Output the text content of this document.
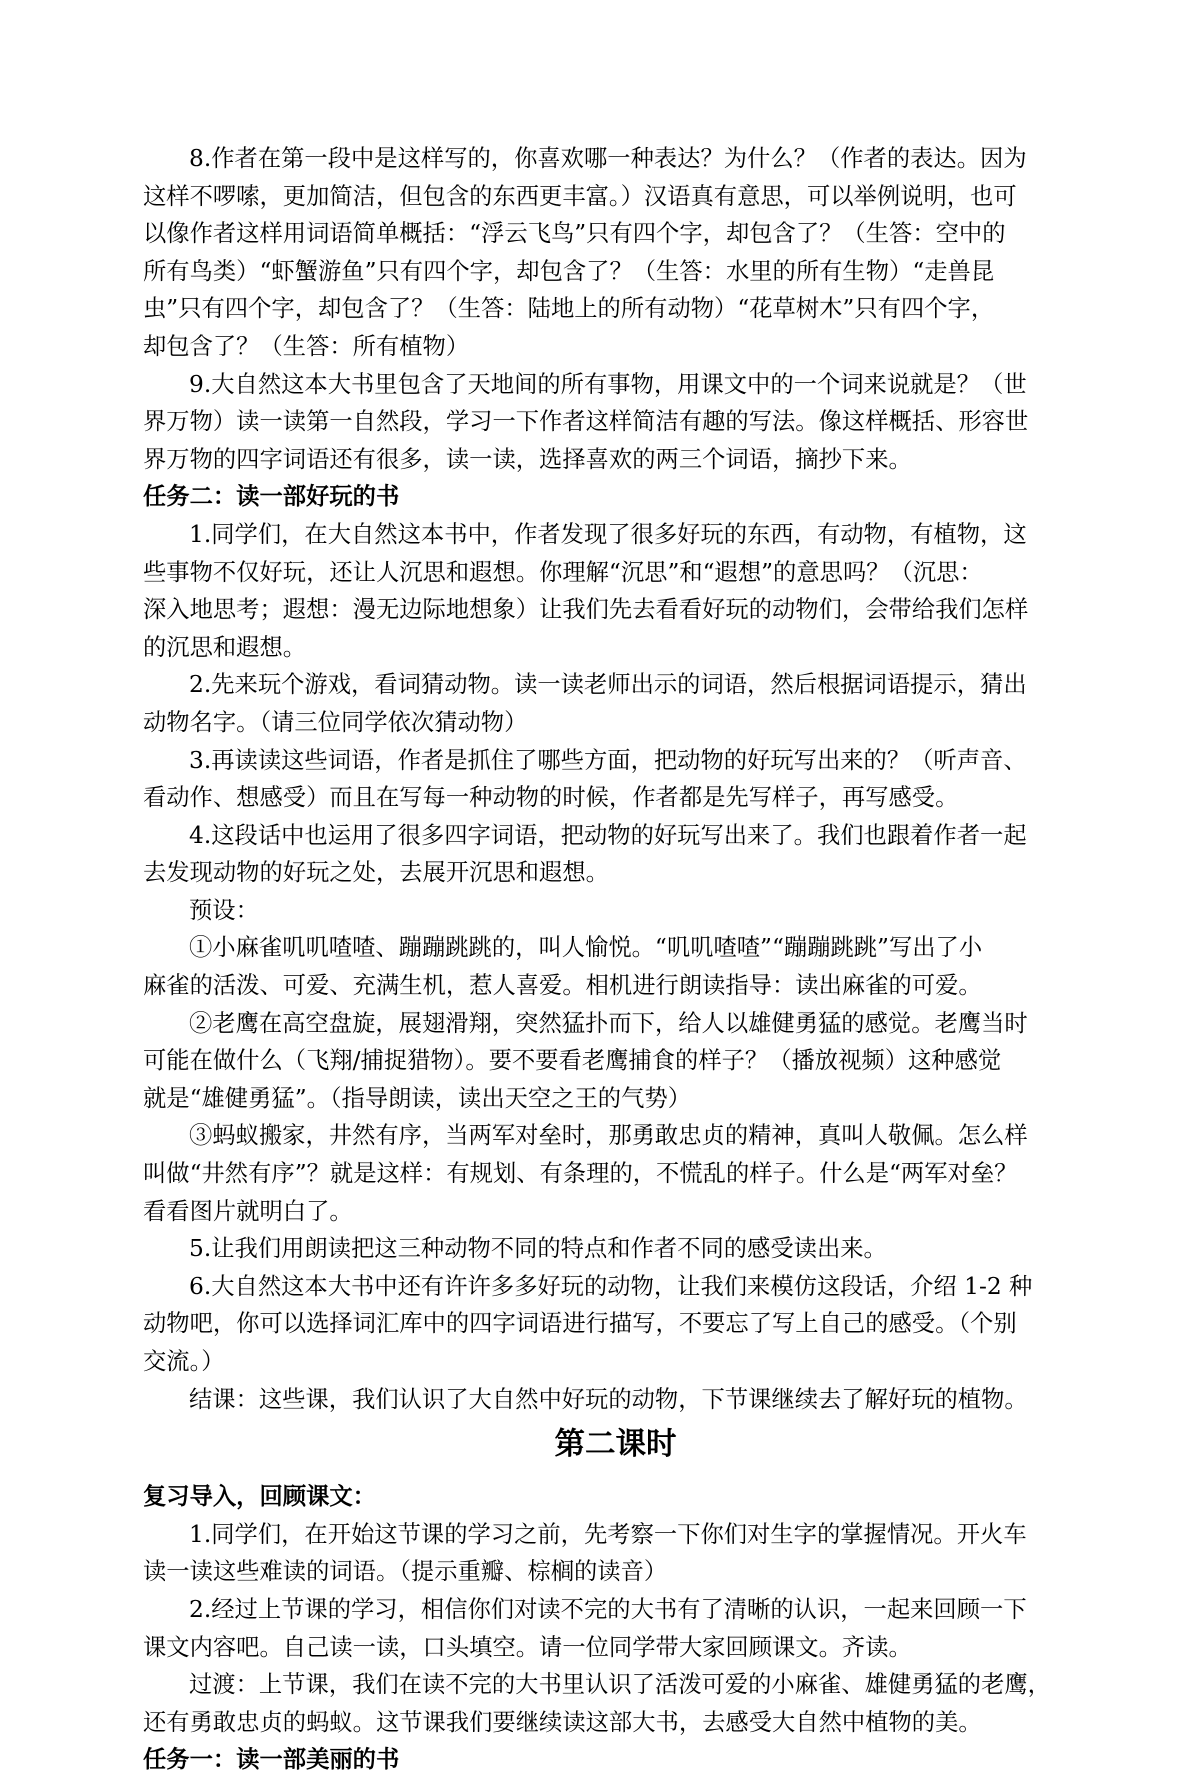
8.作者在第一段中是这样写的，你喜欢哪一种表达？为什么？（作者的表达。因为

这样不啰嗦，更加简洁，但包含的东西更丰富。）汉语真有意思，可以举例说明，也可
以像作者这样用词语简单概括：“浮云飞鸟”只有四个字，却包含了？（生答：空中的
所有鸟类）“虾蟹游鱼”只有四个字，却包含了？（生答：水里的所有生物）“走兽昆
虫”只有四个字，却包含了？（生答：陆地上的所有动物）“花草树木”只有四个字，
却包含了？（生答：所有植物）

9.大自然这本大书里包含了天地间的所有事物，用课文中的一个词来说就是？（世

界万物）读一读第一自然段，学习一下作者这样简洁有趣的写法。像这样概括、形容世
界万物的四字词语还有很多，读一读，选择喜欢的两三个词语，摘抄下来。
任务二：读一部好玩的书

1.同学们，在大自然这本书中，作者发现了很多好玩的东西，有动物，有植物，这

些事物不仅好玩，还让人沉思和遐想。你理解“沉思”和“遐想”的意思吗？（沉思：
深入地思考；遐想：漫无边际地想象）让我们先去看看好玩的动物们，会带给我们怎样
的沉思和遐想。

2.先来玩个游戏，看词猜动物。读一读老师出示的词语，然后根据词语提示，猜出

动物名字。（请三位同学依次猜动物）

3.再读读这些词语，作者是抓住了哪些方面，把动物的好玩写出来的？（听声音、

看动作、想感受）而且在写每一种动物的时候，作者都是先写样子，再写感受。

4.这段话中也运用了很多四字词语，把动物的好玩写出来了。我们也跟着作者一起

去发现动物的好玩之处，去展开沉思和遐想。

预设：

①小麻雀叽叽喳喳、蹦蹦跳跳的，叫人愉悦。“叽叽喳喳”“蹦蹦跳跳”写出了小

麻雀的活泼、可爱、充满生机，惹人喜爱。相机进行朗读指导：读出麻雀的可爱。

②老鹰在高空盘旋，展翅滑翔，突然猛扑而下，给人以雄健勇猛的感觉。老鹰当时

可能在做什么（飞翔/捕捉猎物）。要不要看老鹰捕食的样子？（播放视频）这种感觉
就是“雄健勇猛”。（指导朗读，读出天空之王的气势）

③蚂蚁搬家，井然有序，当两军对垒时，那勇敢忠贞的精神，真叫人敬佩。怎么样

叫做“井然有序”？就是这样：有规划、有条理的，不慌乱的样子。什么是“两军对垒？
看看图片就明白了。

5.让我们用朗读把这三种动物不同的特点和作者不同的感受读出来。

6.大自然这本大书中还有许许多多好玩的动物，让我们来模仿这段话，介绍 1-2 种

动物吧，你可以选择词汇库中的四字词语进行描写，不要忘了写上自己的感受。（个别
交流。）

结课：这些课，我们认识了大自然中好玩的动物，下节课继续去了解好玩的植物。

第二课时
复习导入，回顾课文：

1.同学们，在开始这节课的学习之前，先考察一下你们对生字的掌握情况。开火车

读一读这些难读的词语。（提示重瓣、棕榈的读音）

2.经过上节课的学习，相信你们对读不完的大书有了清晰的认识，一起来回顾一下

课文内容吧。自己读一读，口头填空。请一位同学带大家回顾课文。齐读。

过渡：上节课，我们在读不完的大书里认识了活泼可爱的小麻雀、雄健勇猛的老鹰，

还有勇敢忠贞的蚂蚁。这节课我们要继续读这部大书，去感受大自然中植物的美。
任务一：读一部美丽的书
